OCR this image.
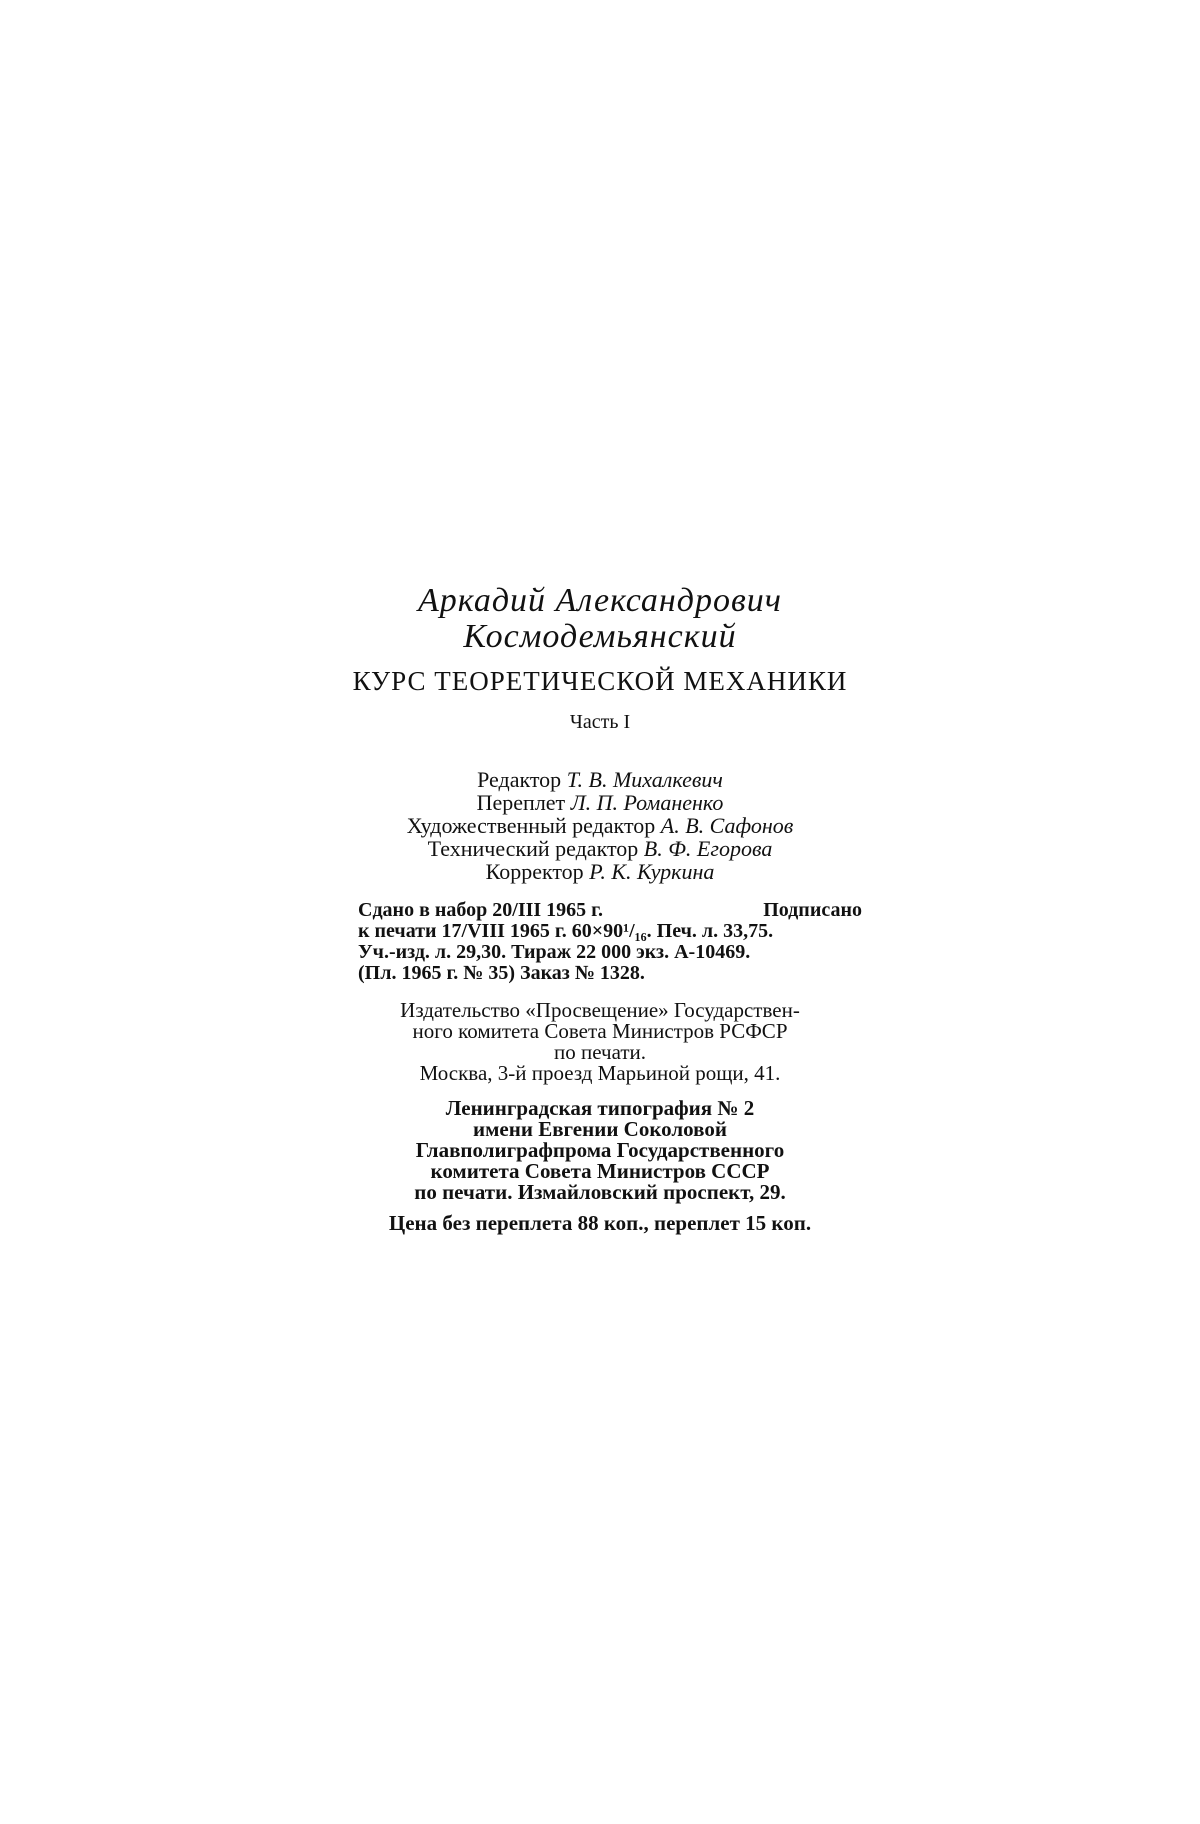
Аркадий Александрович
Космодемьянский
КУРС ТЕОРЕТИЧЕСКОЙ МЕХАНИКИ
Часть I
Редактор Т. В. Михалкевич
Переплет Л. П. Романенко
Художественный редактор А. В. Сафонов
Технический редактор В. Ф. Егорова
Корректор Р. К. Куркина
Сдано в набор 20/III 1965 г.	Подписано
к печати 17/VIII 1965 г. 60×90¹/₁₆. Печ. л. 33,75.
Уч.-изд. л. 29,30. Тираж 22 000 экз. А-10469.
(Пл. 1965 г. № 35) Заказ № 1328.
Издательство «Просвещение» Государствен-
ного комитета Совета Министров РСФСР
по печати.
Москва, 3-й проезд Марьиной рощи, 41.
Ленинградская типография № 2
имени Евгении Соколовой
Главполиграфпрома Государственного
комитета Совета Министров СССР
по печати. Измайловский проспект, 29.
Цена без переплета 88 коп., переплет 15 коп.
